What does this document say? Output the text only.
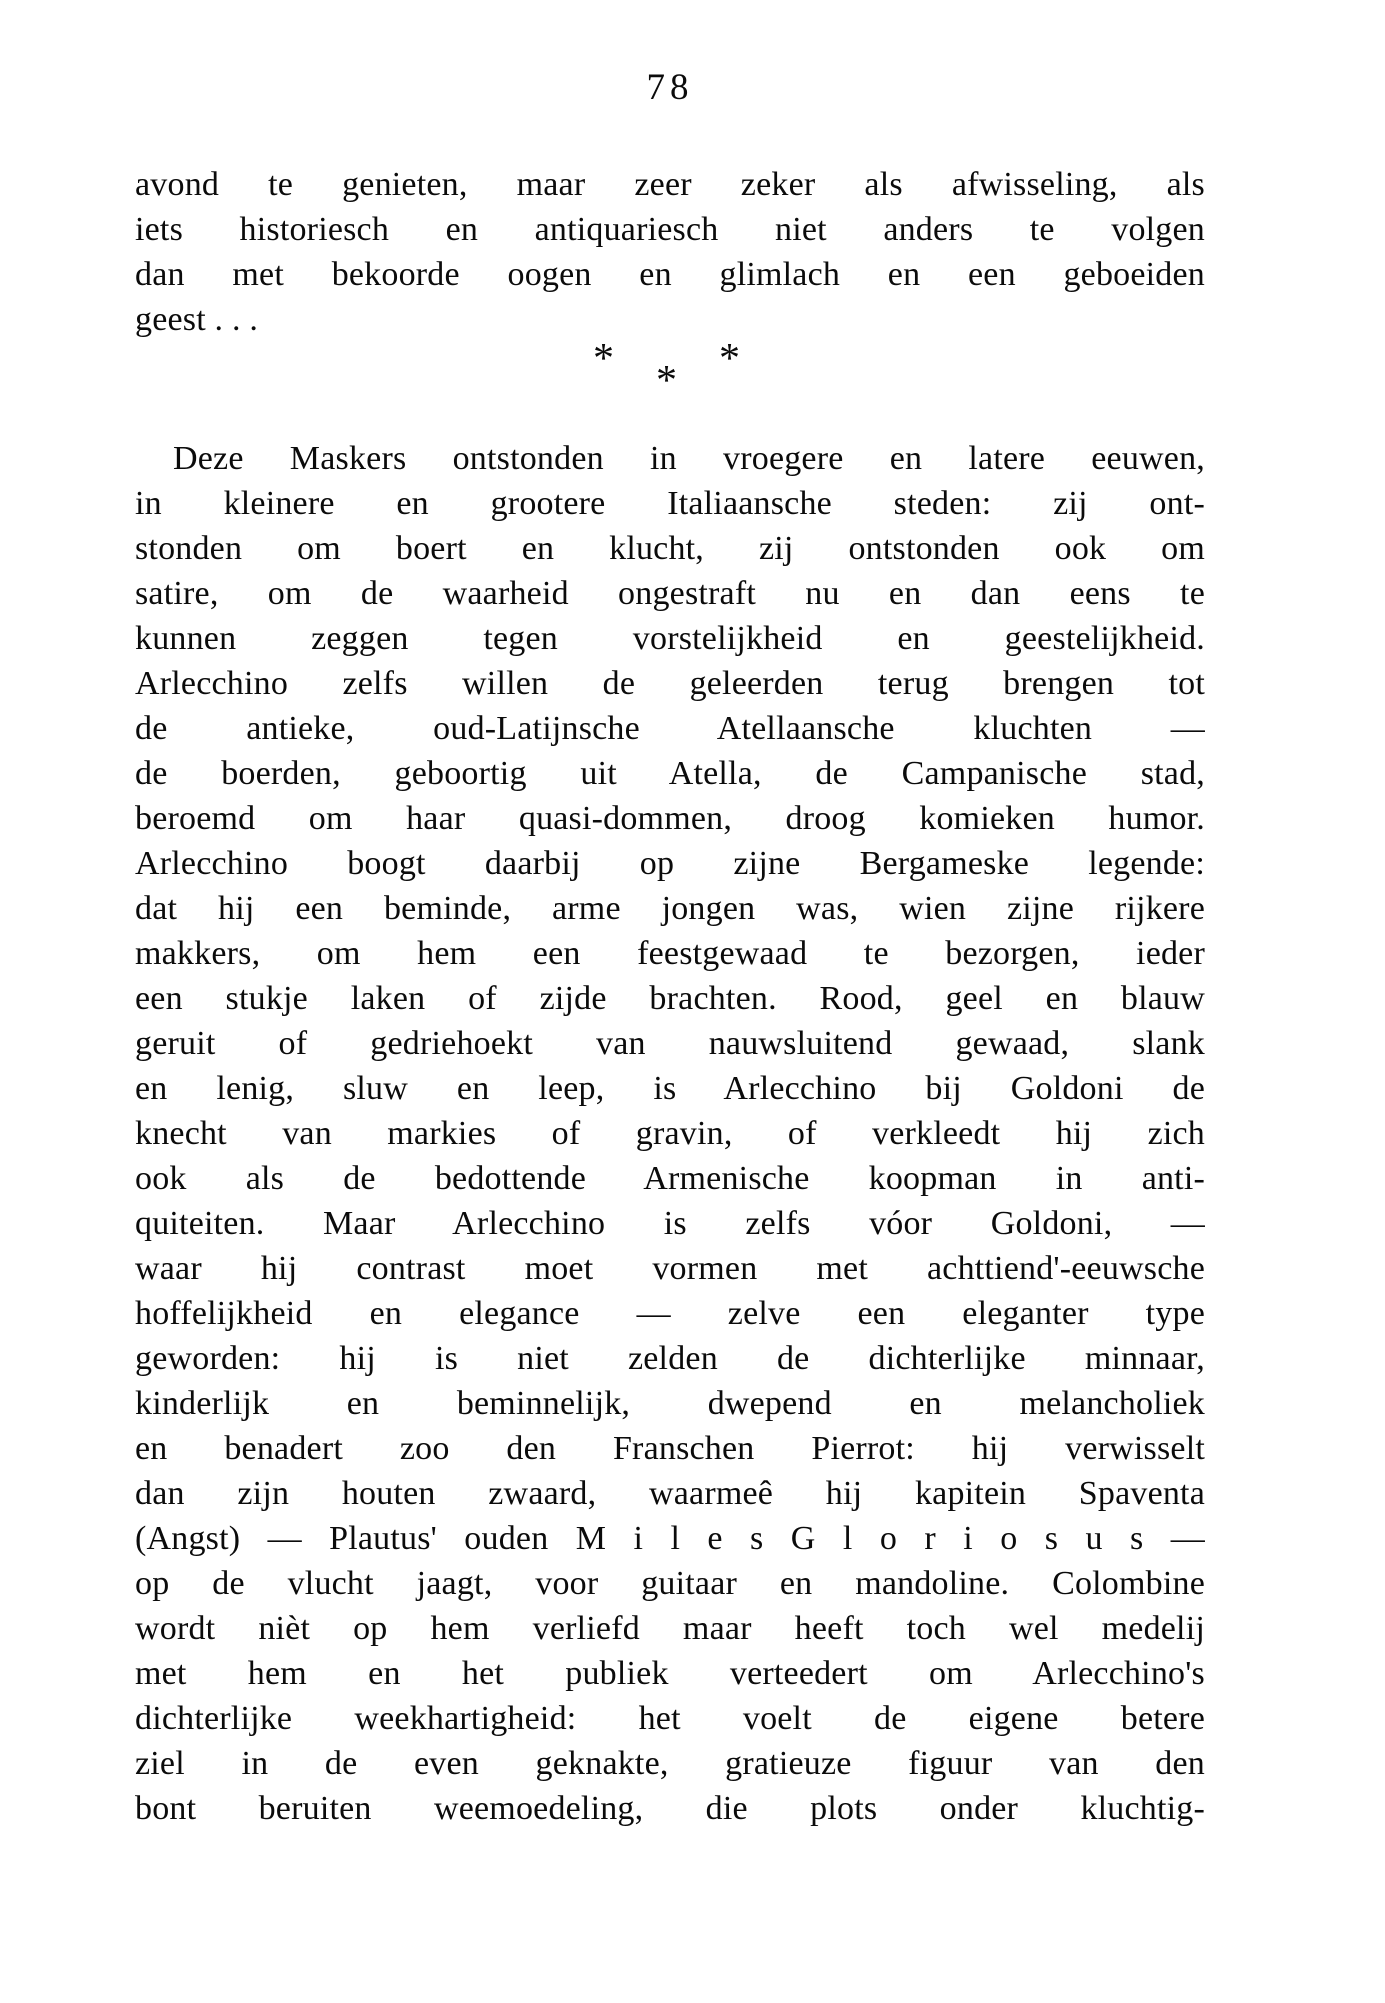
78
avond te genieten, maar zeer zeker als afwisseling, als
iets historiesch en antiquariesch niet anders te volgen
dan met bekoorde oogen en glimlach en een geboeiden
geest . . .
* * *
Deze Maskers ontstonden in vroegere en latere eeuwen,
in kleinere en grootere Italiaansche steden: zij ont-
stonden om boert en klucht, zij ontstonden ook om
satire, om de waarheid ongestraft nu en dan eens te
kunnen zeggen tegen vorstelijkheid en geestelijkheid.
Arlecchino zelfs willen de geleerden terug brengen tot
de antieke, oud-Latijnsche Atellaansche kluchten —
de boerden, geboortig uit Atella, de Campanische stad,
beroemd om haar quasi-dommen, droog komieken humor.
Arlecchino boogt daarbij op zijne Bergameske legende:
dat hij een beminde, arme jongen was, wien zijne rijkere
makkers, om hem een feestgewaad te bezorgen, ieder
een stukje laken of zijde brachten. Rood, geel en blauw
geruit of gedriehoekt van nauwsluitend gewaad, slank
en lenig, sluw en leep, is Arlecchino bij Goldoni de
knecht van markies of gravin, of verkleedt hij zich
ook als de bedottende Armenische koopman in anti-
quiteiten. Maar Arlecchino is zelfs vóor Goldoni, —
waar hij contrast moet vormen met achttiend'-eeuwsche
hoffelijkheid en elegance — zelve een eleganter type
geworden: hij is niet zelden de dichterlijke minnaar,
kinderlijk en beminnelijk, dwepend en melancholiek
en benadert zoo den Franschen Pierrot: hij verwisselt
dan zijn houten zwaard, waarmeê hij kapitein Spaventa
(Angst) — Plautus' ouden M i l e s G l o r i o s u s —
op de vlucht jaagt, voor guitaar en mandoline. Colombine
wordt nièt op hem verliefd maar heeft toch wel medelij
met hem en het publiek verteedert om Arlecchino's
dichterlijke weekhartigheid: het voelt de eigene betere
ziel in de even geknakte, gratieuze figuur van den
bont beruiten weemoedeling, die plots onder kluchtig-
